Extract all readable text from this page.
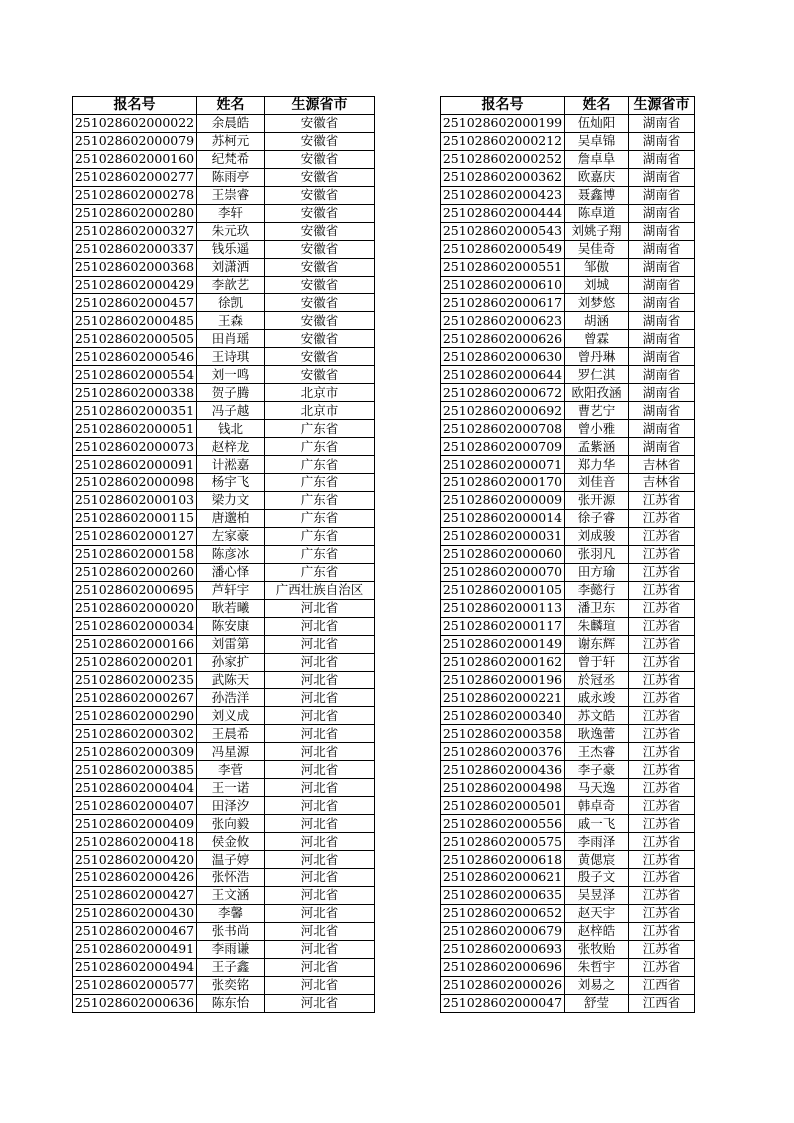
报名号	姓名	生源省市		报名号	姓名	生源省市
251028602000022	余晨皓	安徽省		251028602000199	伍灿阳	湖南省
251028602000079	苏柯元	安徽省		251028602000212	吴卓锦	湖南省
251028602000160	纪梵希	安徽省		251028602000252	詹卓阜	湖南省
251028602000277	陈雨亭	安徽省		251028602000362	欧嘉庆	湖南省
251028602000278	王崇睿	安徽省		251028602000423	聂鑫博	湖南省
251028602000280	李轩	安徽省		251028602000444	陈卓道	湖南省
251028602000327	朱元玖	安徽省		251028602000543	刘姚子翔	湖南省
251028602000337	钱乐遥	安徽省		251028602000549	吴佳奇	湖南省
251028602000368	刘潇洒	安徽省		251028602000551	邹傲	湖南省
251028602000429	李歆艺	安徽省		251028602000610	刘城	湖南省
251028602000457	徐凯	安徽省		251028602000617	刘梦悠	湖南省
251028602000485	王森	安徽省		251028602000623	胡涵	湖南省
251028602000505	田肖瑶	安徽省		251028602000626	曾霖	湖南省
251028602000546	王诗琪	安徽省		251028602000630	曾丹琳	湖南省
251028602000554	刘一鸣	安徽省		251028602000644	罗仁淇	湖南省
251028602000338	贺子腾	北京市		251028602000672	欧阳孜涵	湖南省
251028602000351	冯子越	北京市		251028602000692	曹艺宁	湖南省
251028602000051	钱北	广东省		251028602000708	曾小雅	湖南省
251028602000073	赵梓龙	广东省		251028602000709	孟紫涵	湖南省
251028602000091	计淞嘉	广东省		251028602000071	郑力华	吉林省
251028602000098	杨宇飞	广东省		251028602000170	刘佳音	吉林省
251028602000103	梁力文	广东省		251028602000009	张开源	江苏省
251028602000115	唐邈柏	广东省		251028602000014	徐子睿	江苏省
251028602000127	左家豪	广东省		251028602000031	刘成骏	江苏省
251028602000158	陈彦冰	广东省		251028602000060	张羽凡	江苏省
251028602000260	潘心怿	广东省		251028602000070	田方瑜	江苏省
251028602000695	芦轩宇	广西壮族自治区		251028602000105	李懿行	江苏省
251028602000020	耿若曦	河北省		251028602000113	潘卫东	江苏省
251028602000034	陈安康	河北省		251028602000117	朱麟瑄	江苏省
251028602000166	刘雷第	河北省		251028602000149	谢东辉	江苏省
251028602000201	孙家扩	河北省		251028602000162	曾于轩	江苏省
251028602000235	武陈天	河北省		251028602000196	於冠丞	江苏省
251028602000267	孙浩洋	河北省		251028602000221	戚永竣	江苏省
251028602000290	刘义成	河北省		251028602000340	苏文皓	江苏省
251028602000302	王晨希	河北省		251028602000358	耿逸蕾	江苏省
251028602000309	冯星源	河北省		251028602000376	王杰睿	江苏省
251028602000385	李菅	河北省		251028602000436	李子豪	江苏省
251028602000404	王一诺	河北省		251028602000498	马天逸	江苏省
251028602000407	田泽汐	河北省		251028602000501	韩卓奇	江苏省
251028602000409	张向毅	河北省		251028602000556	戚一飞	江苏省
251028602000418	侯金攸	河北省		251028602000575	李雨泽	江苏省
251028602000420	温子婷	河北省		251028602000618	黄偲宸	江苏省
251028602000426	张怀浩	河北省		251028602000621	殷子文	江苏省
251028602000427	王文涵	河北省		251028602000635	吴昱泽	江苏省
251028602000430	李馨	河北省		251028602000652	赵天宇	江苏省
251028602000467	张书尚	河北省		251028602000679	赵梓皓	江苏省
251028602000491	李雨谦	河北省		251028602000693	张牧贻	江苏省
251028602000494	王子鑫	河北省		251028602000696	朱哲宇	江苏省
251028602000577	张奕铭	河北省		251028602000026	刘易之	江西省
251028602000636	陈东怡	河北省		251028602000047	舒莹	江西省
